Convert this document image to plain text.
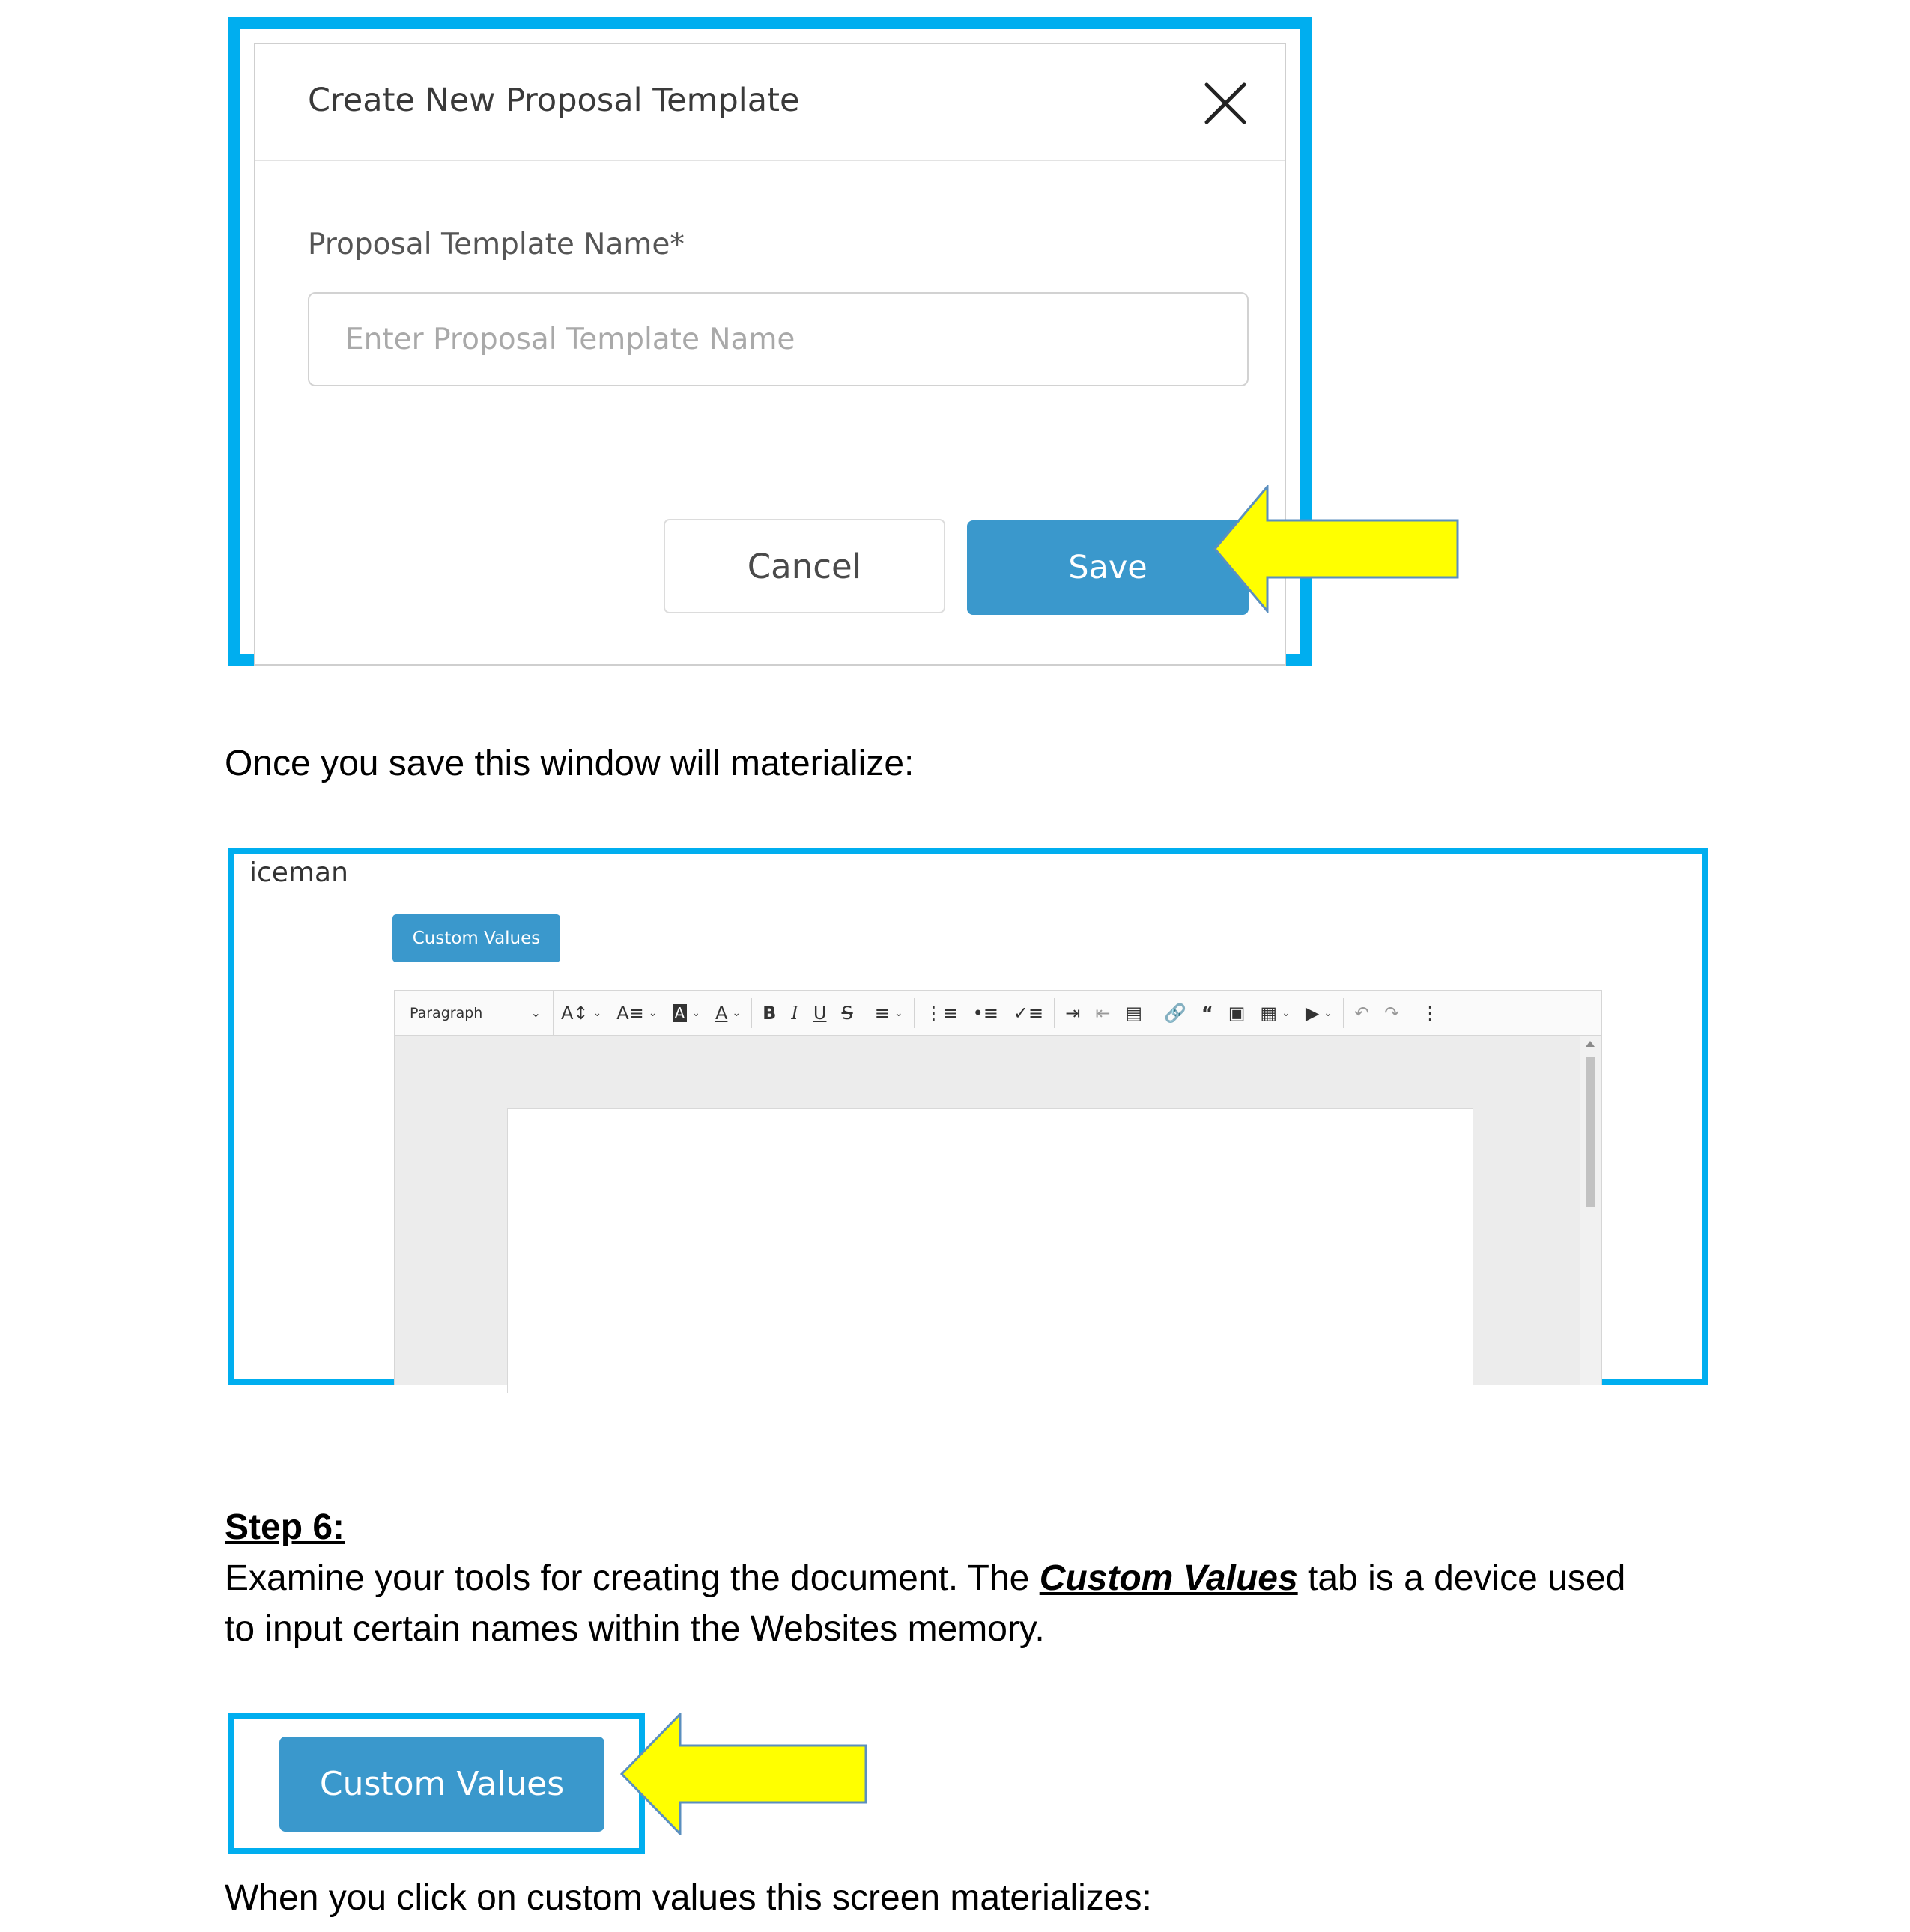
Create New Proposal Template
Proposal Template Name*
Enter Proposal Template Name
Cancel	Save
Once you save this window will materialize:
iceman
Custom Values
Paragraph	⌄	A↕ ⌄ A≡ ⌄ A ⌄ A ⌄	B I U S	≡ ⌄	⋮≡ •≡ ✓≡	⇥ ⇤ ▤	🔗 “ ▣ ▦ ⌄ ▶ ⌄	↶ ↷	⋮
Step 6:
Examine your tools for creating the document. The Custom Values tab is a device used
to input certain names within the Websites memory.
Custom Values
When you click on custom values this screen materializes:
